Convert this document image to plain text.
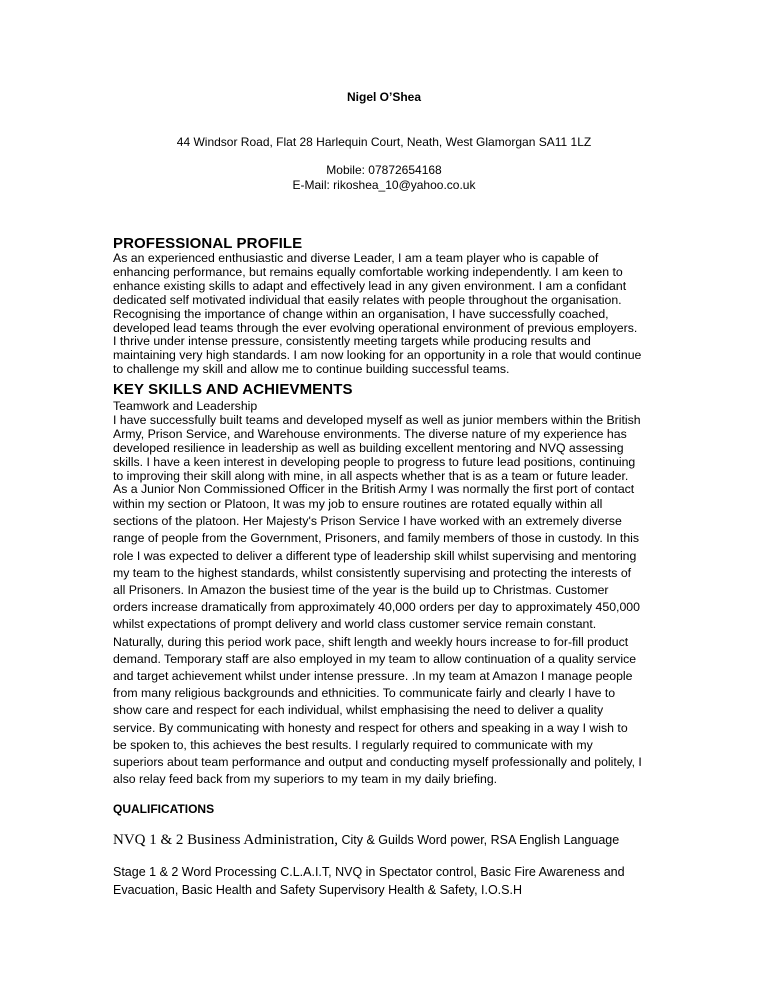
Nigel O’Shea
44 Windsor Road, Flat 28 Harlequin Court, Neath, West Glamorgan SA11 1LZ
Mobile: 07872654168
E-Mail: rikoshea_10@yahoo.co.uk
PROFESSIONAL PROFILE
As an experienced enthusiastic and diverse Leader, I am a team player who is capable of
enhancing performance, but remains equally comfortable working independently. I am keen to
enhance existing skills to adapt and effectively lead in any given environment. I am a confidant
dedicated self motivated individual that easily relates with people throughout the organisation.
Recognising the importance of change within an organisation, I have successfully coached,
developed lead teams through the ever evolving operational environment of previous employers.
I thrive under intense pressure, consistently meeting targets while producing results and
maintaining very high standards. I am now looking for an opportunity in a role that would continue
to challenge my skill and allow me to continue building successful teams.
KEY SKILLS AND ACHIEVMENTS
Teamwork and Leadership
I have successfully built teams and developed myself as well as junior members within the British
Army, Prison Service, and Warehouse environments. The diverse nature of my experience has
developed resilience in leadership as well as building excellent mentoring and NVQ assessing
skills. I have a keen interest in developing people to progress to future lead positions, continuing
to improving their skill along with mine, in all aspects whether that is as a team or future leader.
As a Junior Non Commissioned Officer in the British Army I was normally the first port of contact
within my section or Platoon, It was my job to ensure routines are rotated equally within all
sections of the platoon. Her Majesty's Prison Service I have worked with an extremely diverse
range of people from the Government, Prisoners, and family members of those in custody. In this
role I was expected to deliver a different type of leadership skill whilst supervising and mentoring
my team to the highest standards, whilst consistently supervising and protecting the interests of
all Prisoners. In Amazon the busiest time of the year is the build up to Christmas. Customer
orders increase dramatically from approximately 40,000 orders per day to approximately 450,000
whilst expectations of prompt delivery and world class customer service remain constant.
Naturally, during this period work pace, shift length and weekly hours increase to for-fill product
demand. Temporary staff are also employed in my team to allow continuation of a quality service
and target achievement whilst under intense pressure. .In my team at Amazon I manage people
from many religious backgrounds and ethnicities. To communicate fairly and clearly I have to
show care and respect for each individual, whilst emphasising the need to deliver a quality
service. By communicating with honesty and respect for others and speaking in a way I wish to
be spoken to, this achieves the best results. I regularly required to communicate with my
superiors about team performance and output and conducting myself professionally and politely, I
also relay feed back from my superiors to my team in my daily briefing.
QUALIFICATIONS
NVQ 1 & 2 Business Administration, City & Guilds Word power, RSA English Language
Stage 1 & 2 Word Processing C.L.A.I.T, NVQ in Spectator control, Basic Fire Awareness and
Evacuation, Basic Health and Safety Supervisory Health & Safety, I.O.S.H
